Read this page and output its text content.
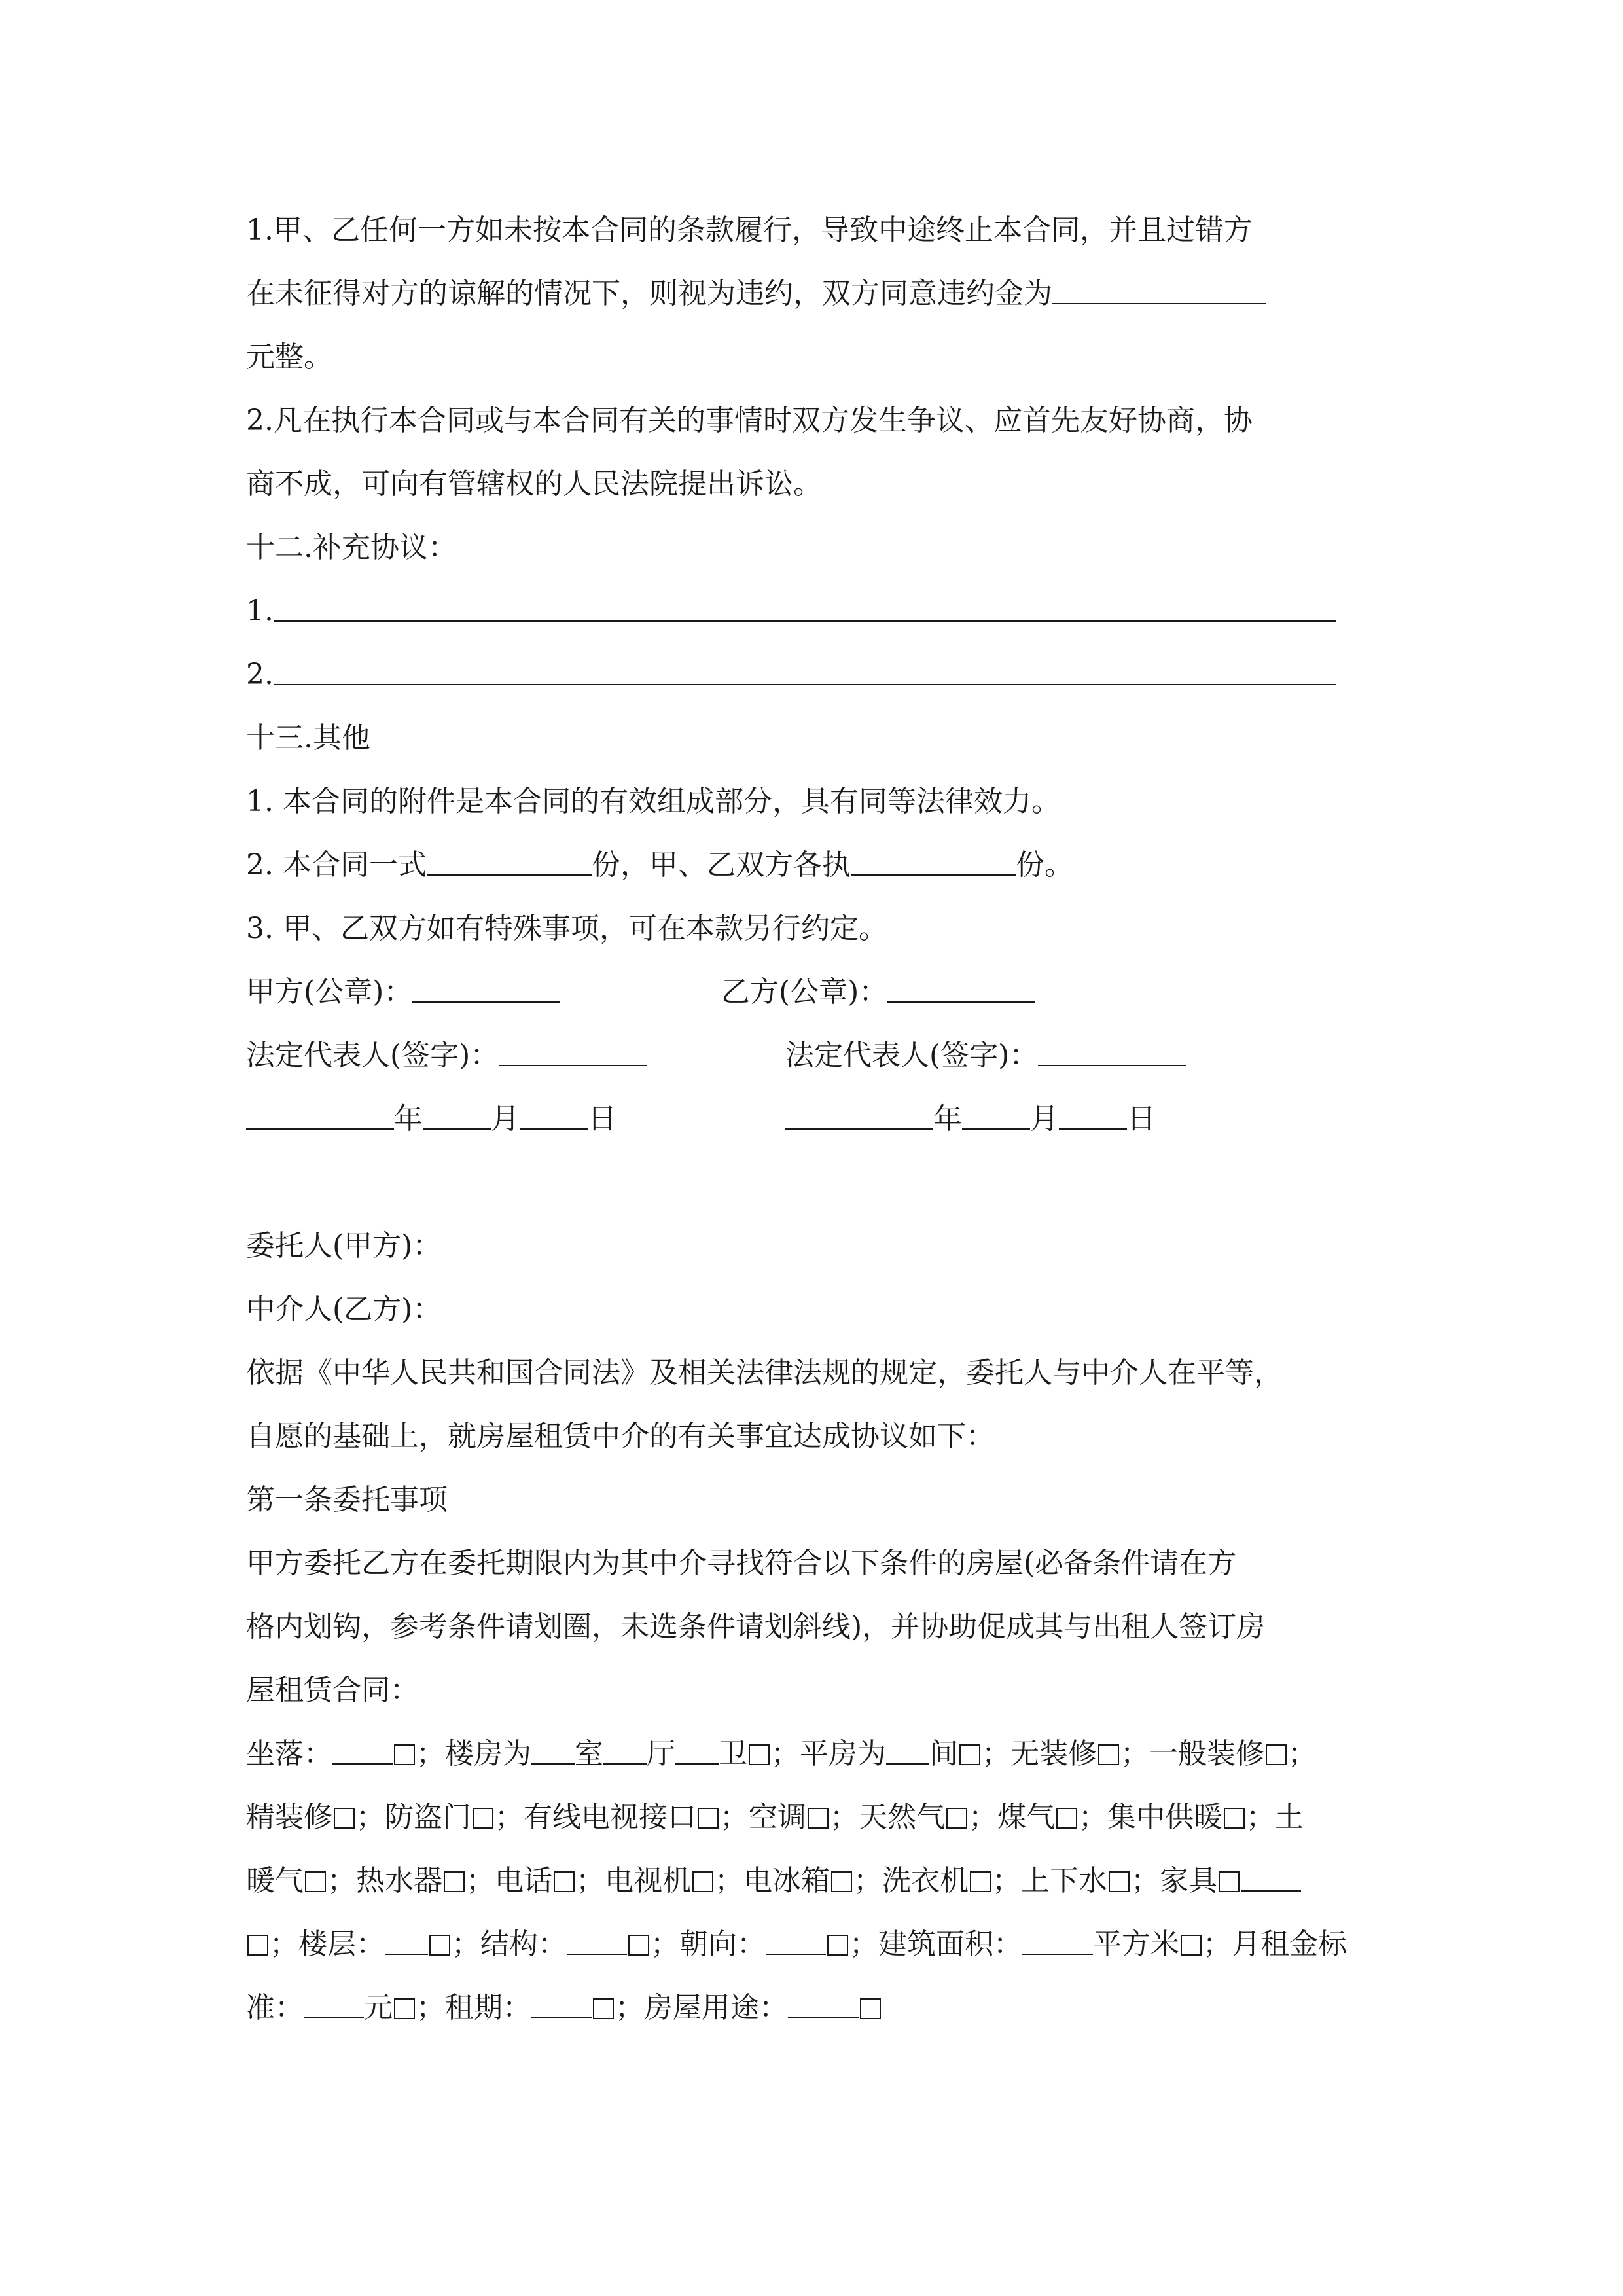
1.甲、乙任何一方如未按本合同的条款履行，导致中途终止本合同，并且过错方
在未征得对方的谅解的情况下，则视为违约，双方同意违约金为
元整。
2.凡在执行本合同或与本合同有关的事情时双方发生争议、应首先友好协商，协
商不成，可向有管辖权的人民法院提出诉讼。
十二.补充协议：
1.
2.
十三.其他
1. 本合同的附件是本合同的有效组成部分，具有同等法律效力。
2. 本合同一式	份，甲、乙双方各执	份。
3. 甲、乙双方如有特殊事项，可在本款另行约定。
甲方(公章)：	乙方(公章)：
法定代表人(签字)：	法定代表人(签字)：
年 月 日	年 月 日
委托人(甲方)：
中介人(乙方)：
依据《中华人民共和国合同法》及相关法律法规的规定，委托人与中介人在平等，
自愿的基础上，就房屋租赁中介的有关事宜达成协议如下：
第一条委托事项
甲方委托乙方在委托期限内为其中介寻找符合以下条件的房屋(必备条件请在方
格内划钩，参考条件请划圈，未选条件请划斜线)，并协助促成其与出租人签订房
屋租赁合同：
坐落：	；楼房为 室 厅 卫 ；平房为 间 ；无装修 ；一般装修 ；
精装修 ；防盗门 ；有线电视接口 ；空调 ；天然气 ；煤气 ；集中供暖 ；土
暖气 ；热水器 ；电话 ；电视机 ；电冰箱 ；洗衣机 ；上下水 ；家具
；楼层： ；结构：	；朝向：	；建筑面积： 平方米 ；月租金标
准： 元 ；租期：	；房屋用途：
